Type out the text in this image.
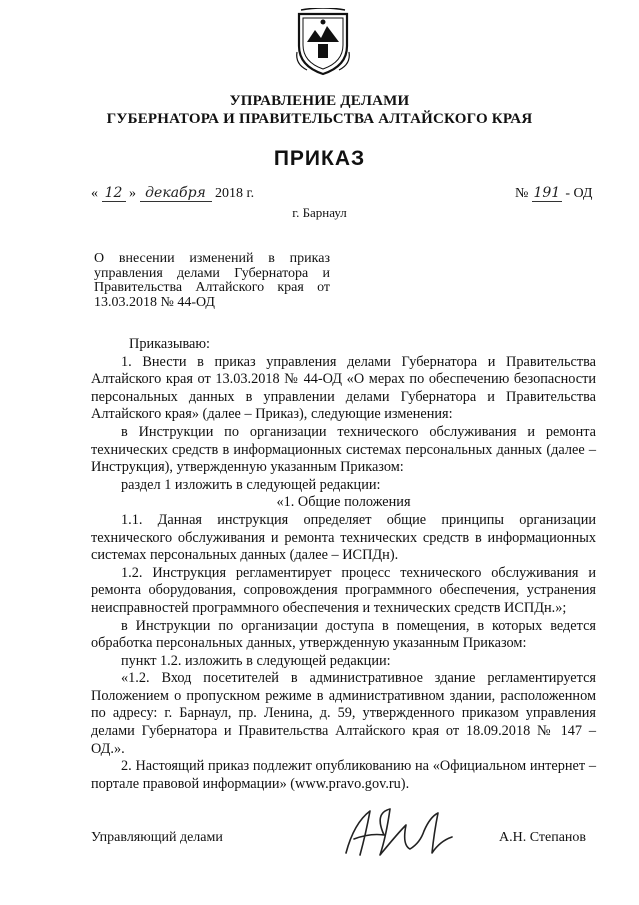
УПРАВЛЕНИЕ ДЕЛАМИ
ГУБЕРНАТОРА И ПРАВИТЕЛЬСТВА АЛТАЙСКОГО КРАЯ
ПРИКАЗ
« 12 » декабря 2018 г.	№ 191 - ОД
г. Барнаул
О внесении изменений в приказ управления делами Губернатора и Правительства Алтайского края от 13.03.2018 № 44-ОД

Приказываю:

1. Внести в приказ управления делами Губернатора и Правительства Алтайского края от 13.03.2018 № 44-ОД «О мерах по обеспечению безопасности персональных данных в управлении делами Губернатора и Правительства Алтайского края» (далее – Приказ), следующие изменения:

в Инструкции по организации технического обслуживания и ремонта технических средств в информационных системах персональных данных (далее – Инструкция), утвержденную указанным Приказом:

раздел 1 изложить в следующей редакции:

«1. Общие положения

1.1. Данная инструкция определяет общие принципы организации технического обслуживания и ремонта технических средств в информационных системах персональных данных (далее – ИСПДн).

1.2. Инструкция регламентирует процесс технического обслуживания и ремонта оборудования, сопровождения программного обеспечения, устранения неисправностей программного обеспечения и технических средств ИСПДн.»;

в Инструкции по организации доступа в помещения, в которых ведется обработка персональных данных, утвержденную указанным Приказом:

пункт 1.2. изложить в следующей редакции:

«1.2. Вход посетителей в административное здание регламентируется Положением о пропускном режиме в административном здании, расположенном по адресу: г. Барнаул, пр. Ленина, д. 59, утвержденного приказом управления делами Губернатора и Правительства Алтайского края от 18.09.2018 № 147 – ОД.».

2. Настоящий приказ подлежит опубликованию на «Официальном интернет – портале правовой информации» (www.pravo.gov.ru).

Управляющий делами	А.Н. Степанов
